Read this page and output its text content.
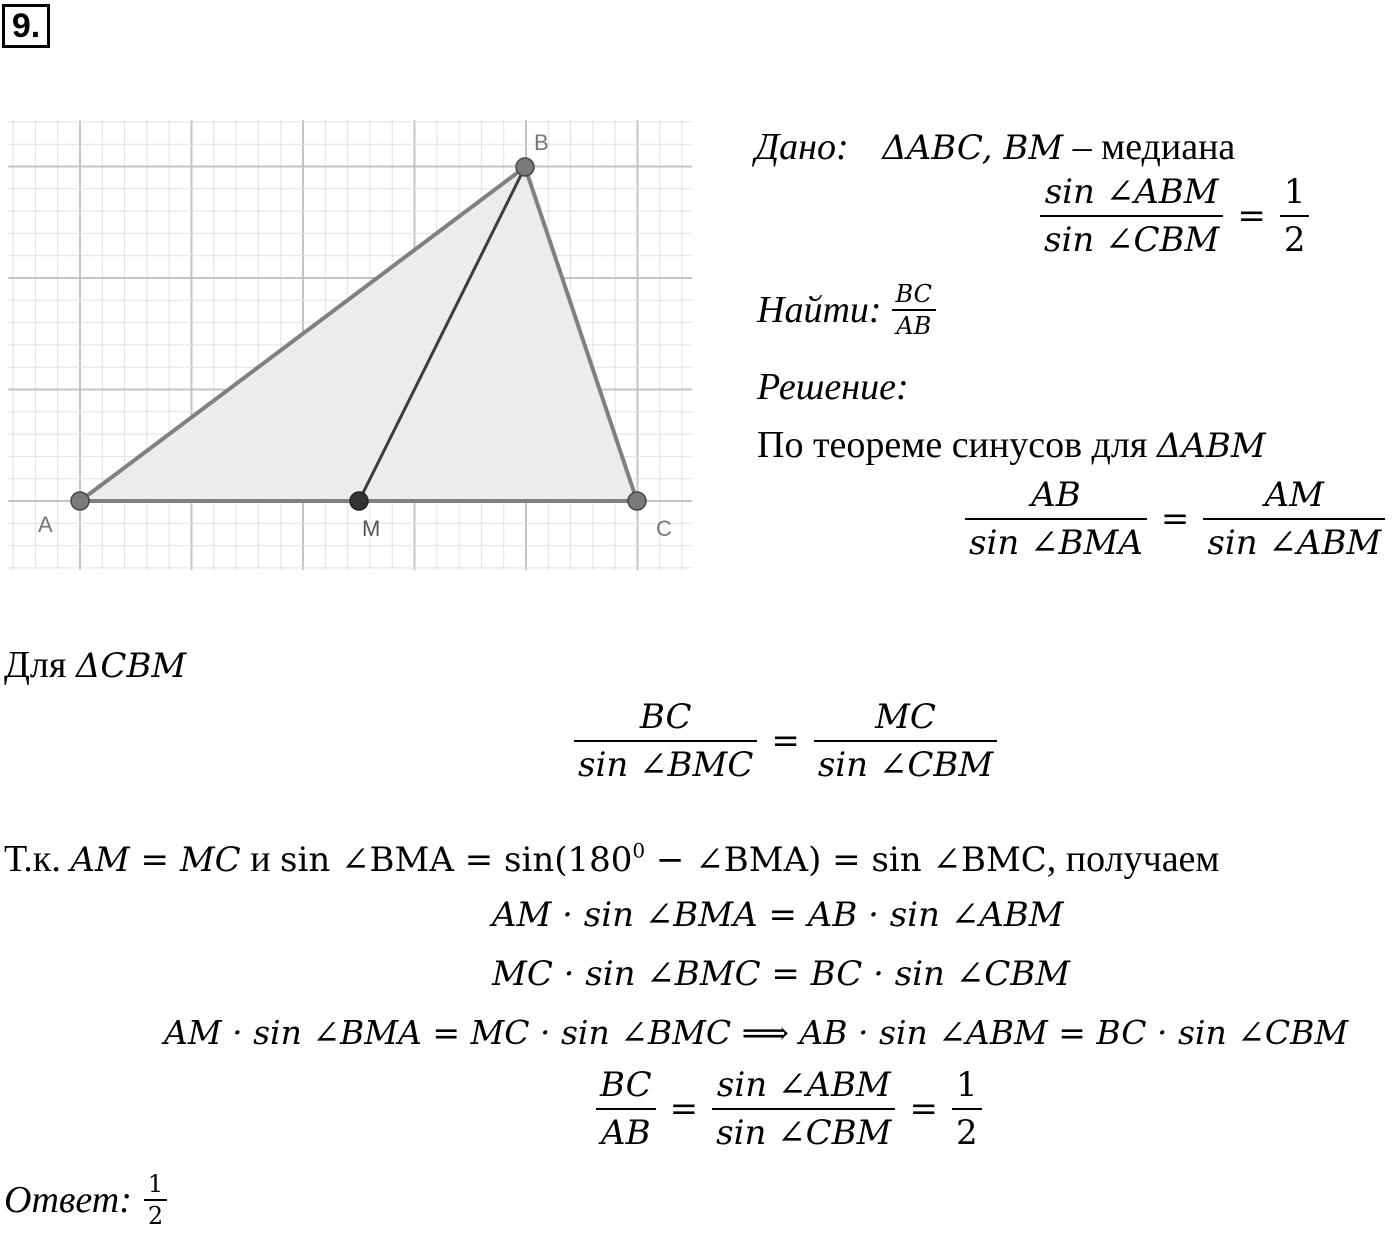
9.
A
B
C
M
Дано: ΔABC, BM – медиана
$\frac{\text{sin ∠ABM}}{\text{sin ∠CBM}} = \frac{1}{2}$
Найти: $\frac{BC}{AB}$
Решение:
По теореме синусов для ΔABM
$\frac{AB}{\text{sin ∠BMA}} = \frac{AM}{\text{sin ∠ABM}}$
Для ΔCBM
$\frac{BC}{\text{sin ∠BMC}} = \frac{MC}{\text{sin ∠CBM}}$
Т.к. AM = MC и sin ∠BMA = $\sin(180^0$ − ∠BMA) = sin ∠BMC, получаем
AM · sin ∠BMA = AB · sin ∠ABM
MC · sin ∠BMC = BC · sin ∠CBM
AM · sin ∠BMA = MC · sin ∠BMC ⟹ AB · sin ∠ABM = BC · sin ∠CBM
$\frac{BC}{AB} = \frac{\text{sin ∠ABM}}{\text{sin ∠CBM}} = \frac{1}{2}$
Ответ: $\frac{1}{2}$
